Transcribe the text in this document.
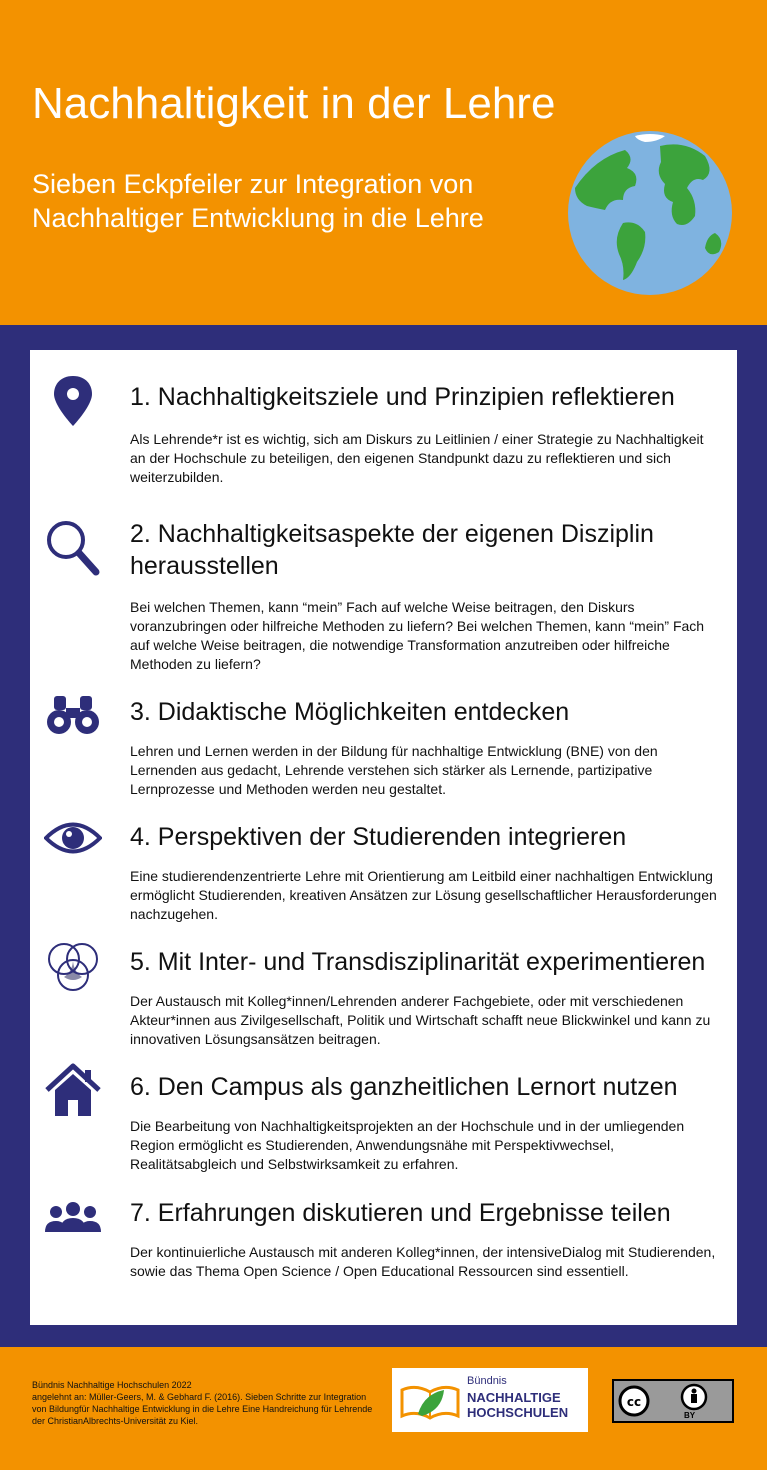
Nachhaltigkeit in der Lehre
Sieben Eckpfeiler zur Integration von Nachhaltiger Entwicklung in die Lehre
1. Nachhaltigkeitsziele und Prinzipien reflektieren
Als Lehrende*r ist es wichtig, sich am Diskurs zu Leitlinien / einer Strategie zu Nachhaltigkeit an der Hochschule zu beteiligen, den eigenen Standpunkt dazu zu reflektieren und sich weiterzubilden.
2. Nachhaltigkeitsaspekte der eigenen Disziplin herausstellen
Bei welchen Themen, kann “mein” Fach auf welche Weise beitragen, den Diskurs voranzubringen oder hilfreiche Methoden zu liefern? Bei welchen Themen, kann “mein” Fach auf welche Weise beitragen, die notwendige Transformation anzutreiben oder hilfreiche Methoden zu liefern?
3. Didaktische Möglichkeiten entdecken
Lehren und Lernen werden in der Bildung für nachhaltige Entwicklung (BNE) von den Lernenden aus gedacht, Lehrende verstehen sich stärker als Lernende, partizipative Lernprozesse und Methoden werden neu gestaltet.
4. Perspektiven der Studierenden integrieren
Eine studierendenzentrierte Lehre mit Orientierung am Leitbild einer nachhaltigen Entwicklung ermöglicht Studierenden, kreativen Ansätzen zur Lösung gesellschaftlicher Herausforderungen nachzugehen.
5. Mit Inter- und Transdisziplinarität experimentieren
Der Austausch mit Kolleg*innen/Lehrenden anderer Fachgebiete, oder mit verschiedenen Akteur*innen aus Zivilgesellschaft, Politik und Wirtschaft schafft neue Blickwinkel und kann zu innovativen Lösungsansätzen beitragen.
6. Den Campus als ganzheitlichen Lernort nutzen
Die Bearbeitung von Nachhaltigkeitsprojekten an der Hochschule und in der umliegenden Region ermöglicht es Studierenden, Anwendungsnähe mit Perspektivwechsel, Realitätsabgleich und Selbstwirksamkeit zu erfahren.
7. Erfahrungen diskutieren und Ergebnisse teilen
Der kontinuierliche Austausch mit anderen Kolleg*innen, der intensiveDialog mit Studierenden, sowie das Thema Open Science / Open Educational Ressourcen sind essentiell.
Bündnis Nachhaltige Hochschulen 2022
angelehnt an: Müller-Geers, M. & Gebhard F. (2016). Sieben Schritte zur Integration von Bildungfür Nachhaltige Entwicklung in die Lehre Eine Handreichung für Lehrende der ChristianAlbrechts-Universität zu Kiel.
Bündnis
NACHHALTIGE
HOCHSCHULEN
cc
BY
